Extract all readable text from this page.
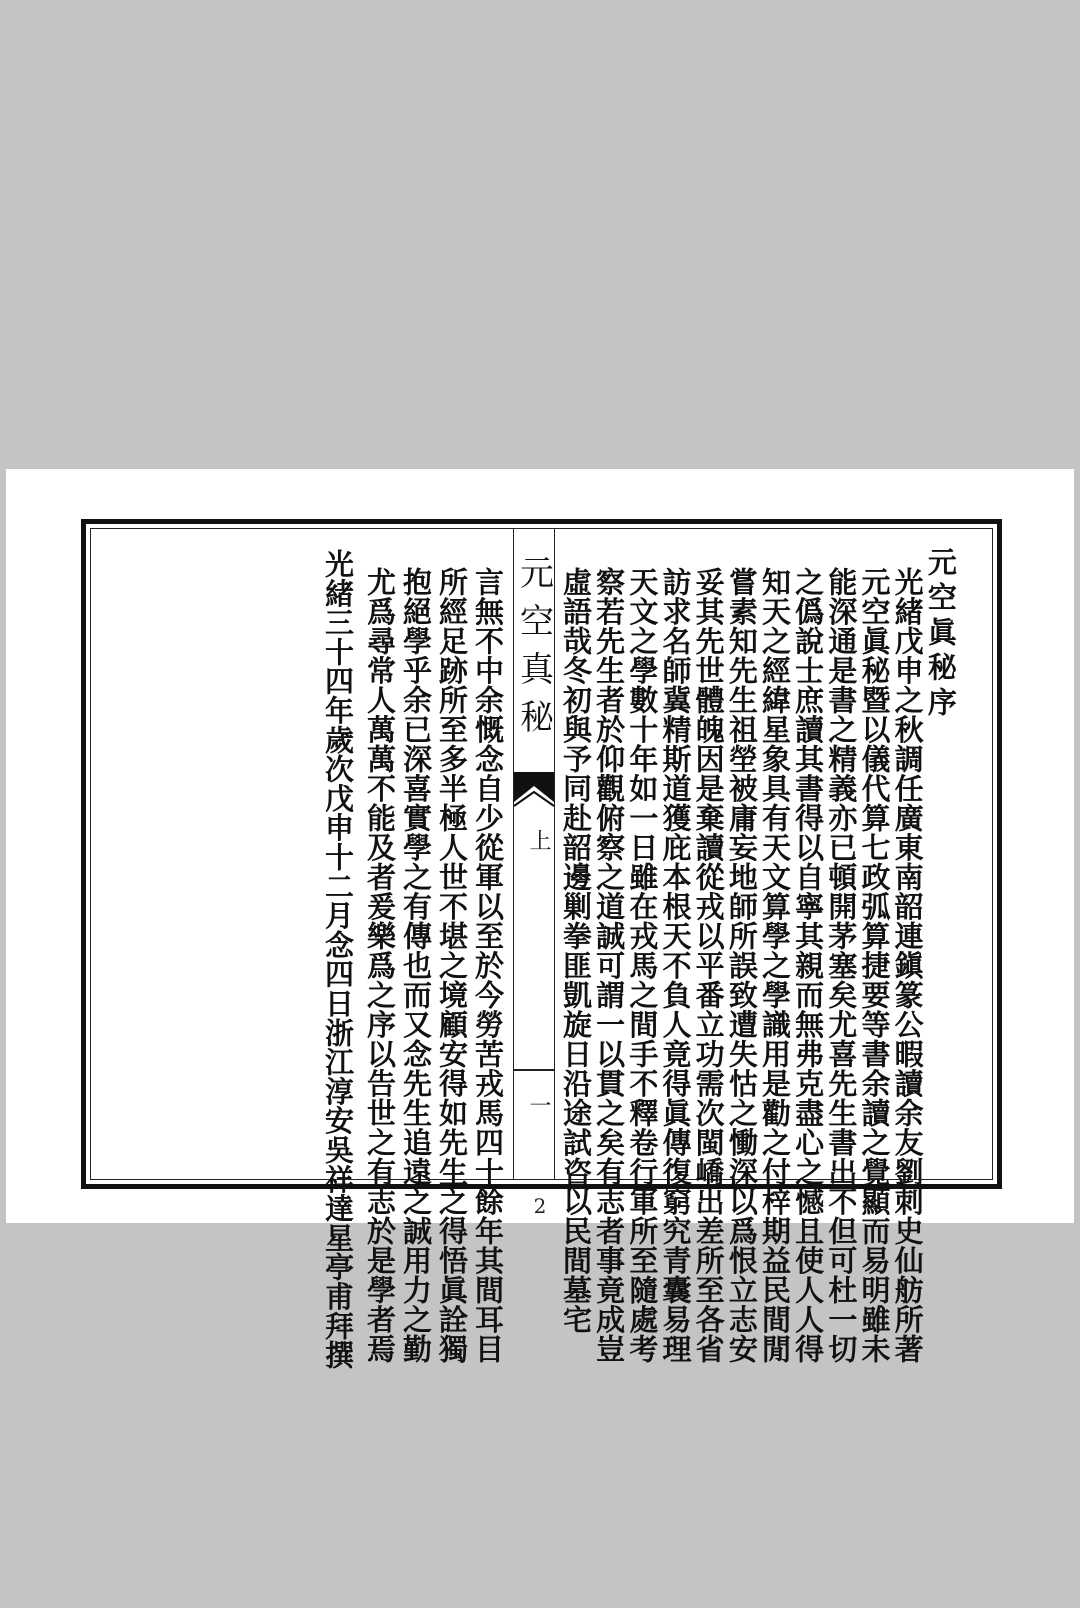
元空眞秘序
光緒戊申之秋調任廣東南韶連鎭篆公暇讀余友劉刺史仙舫所著
元空眞秘暨以儀代算七政弧算捷要等書余讀之覺顯而易明雖未
能深通是書之精義亦已頓開茅塞矣尤喜先生書出不但可杜一切
之僞說士庶讀其書得以自寧其親而無弗克盡心之憾且使人人得
知天之經緯星象具有天文算學之學識用是勸之付梓期益民間閒
嘗素知先生祖塋被庸妄地師所誤致遭失怙之慟深以爲恨立志安
妥其先世體魄因是棄讀從戎以平番立功需次閩嶠出差所至各省
訪求名師冀精斯道獲庇本根天不負人竟得眞傳復窮究青囊易理
天文之學數十年如一日雖在戎馬之間手不釋卷行軍所至隨處考
察若先生者於仰觀俯察之道誠可謂一以貫之矣有志者事竟成豈
虛語哉冬初與予同赴韶邊剿拳匪凱旋日沿途試咨以民間墓宅
元空真秘
上
一
言無不中余慨念自少從軍以至於今勞苦戎馬四十餘年其間耳目
所經足跡所至多半極人世不堪之境顧安得如先生之得悟眞詮獨
抱絕學乎余已深喜實學之有傳也而又念先生追遠之誠用力之勤
尤爲尋常人萬萬不能及者爰樂爲之序以告世之有志於是學者焉
光緒三十四年歲次戊申十二月念四日浙江淳安吳祥達星亭甫拜撰	2
